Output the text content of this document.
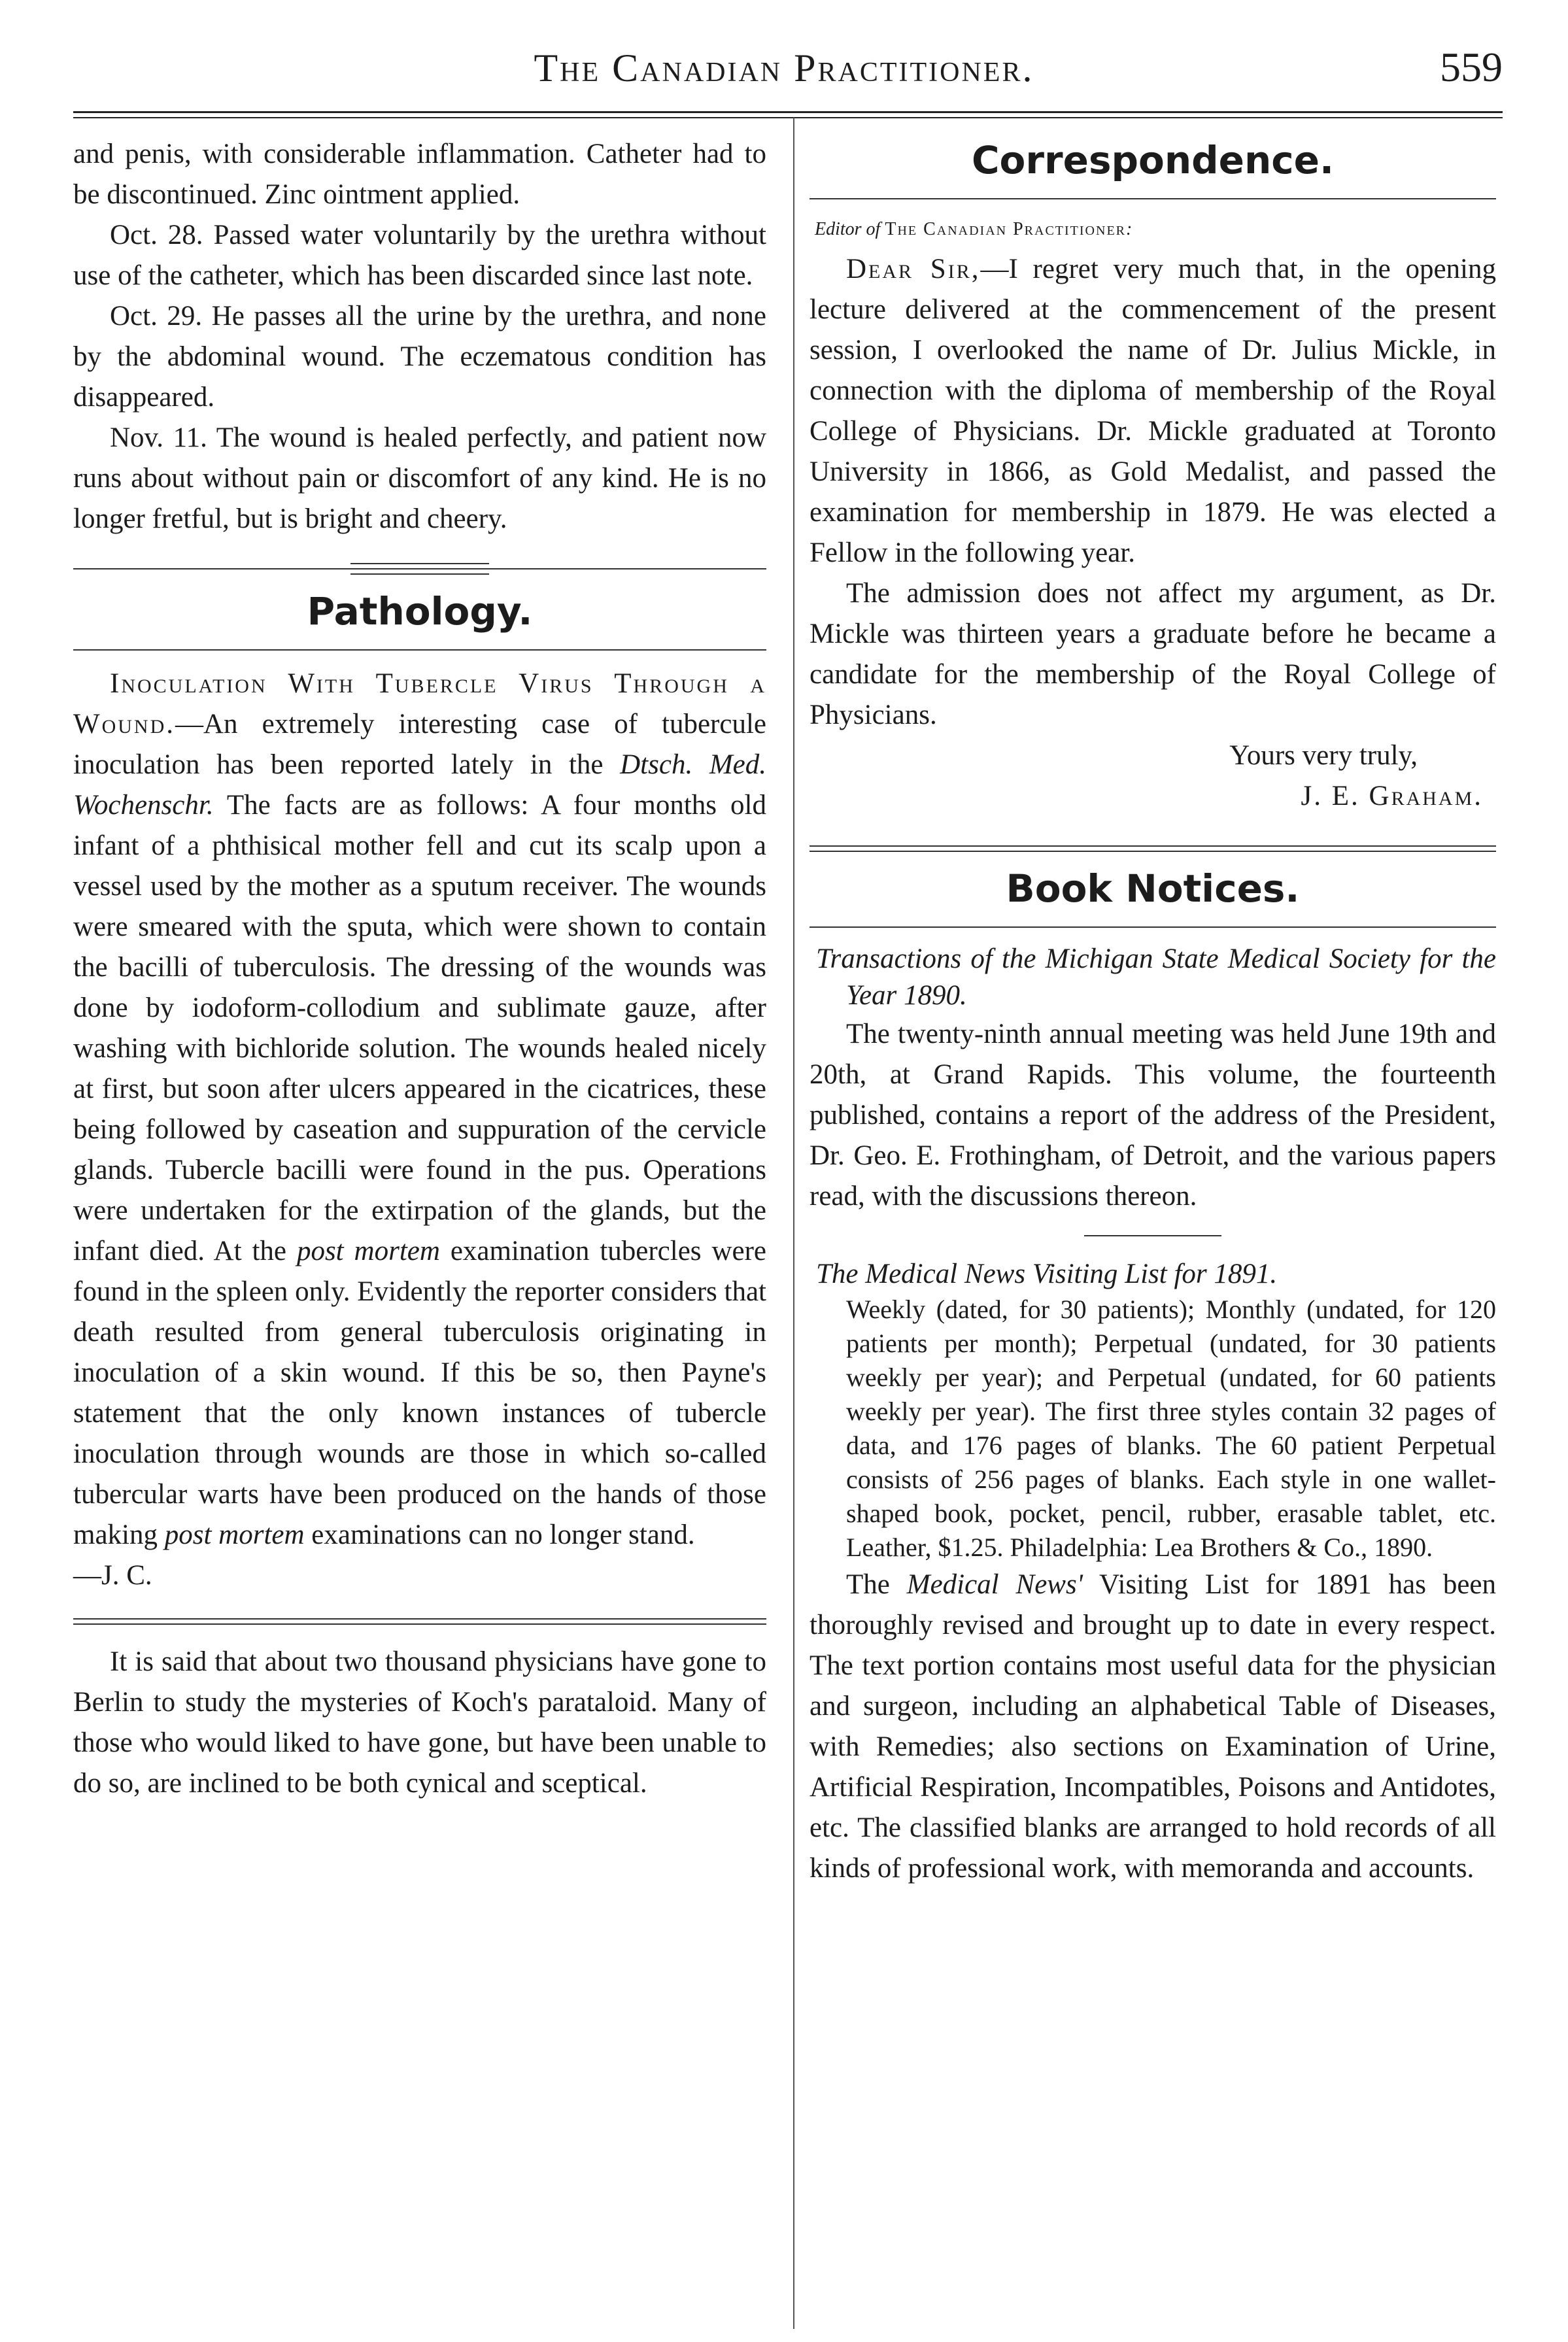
The Canadian Practitioner.	559

and penis, with considerable inflammation. Catheter had to be discontinued. Zinc ointment applied.

Oct. 28. Passed water voluntarily by the urethra without use of the catheter, which has been discarded since last note.

Oct. 29. He passes all the urine by the urethra, and none by the abdominal wound. The eczematous condition has disappeared.

Nov. 11. The wound is healed perfectly, and patient now runs about without pain or discomfort of any kind. He is no longer fretful, but is bright and cheery.

Pathology.

Inoculation With Tubercle Virus Through a Wound.—An extremely interesting case of tubercule inoculation has been reported lately in the Dtsch. Med. Wochenschr. The facts are as follows: A four months old infant of a phthisical mother fell and cut its scalp upon a vessel used by the mother as a sputum receiver. The wounds were smeared with the sputa, which were shown to contain the bacilli of tuberculosis. The dressing of the wounds was done by iodoform-collodium and sublimate gauze, after washing with bichloride solution. The wounds healed nicely at first, but soon after ulcers appeared in the cicatrices, these being followed by caseation and suppuration of the cervicle glands. Tubercle bacilli were found in the pus. Operations were undertaken for the extirpation of the glands, but the infant died. At the post mortem examination tubercles were found in the spleen only. Evidently the reporter considers that death resulted from general tuberculosis originating in inoculation of a skin wound. If this be so, then Payne's statement that the only known instances of tubercle inoculation through wounds are those in which so-called tubercular warts have been produced on the hands of those making post mortem examinations can no longer stand.

—J. C.

It is said that about two thousand physicians have gone to Berlin to study the mysteries of Koch's parataloid. Many of those who would liked to have gone, but have been unable to do so, are inclined to be both cynical and sceptical.

Correspondence.
Editor of The Canadian Practitioner:

Dear Sir,—I regret very much that, in the opening lecture delivered at the commencement of the present session, I overlooked the name of Dr. Julius Mickle, in connection with the diploma of membership of the Royal College of Physicians. Dr. Mickle graduated at Toronto University in 1866, as Gold Medalist, and passed the examination for membership in 1879. He was elected a Fellow in the following year.

The admission does not affect my argument, as Dr. Mickle was thirteen years a graduate before he became a candidate for the membership of the Royal College of Physicians.

Yours very truly,
J. E. Graham.
Book Notices.

Transactions of the Michigan State Medical Society for the Year 1890.

The twenty-ninth annual meeting was held June 19th and 20th, at Grand Rapids. This volume, the fourteenth published, contains a report of the address of the President, Dr. Geo. E. Frothingham, of Detroit, and the various papers read, with the discussions thereon.

The Medical News Visiting List for 1891.

Weekly (dated, for 30 patients); Monthly (undated, for 120 patients per month); Perpetual (undated, for 30 patients weekly per year); and Perpetual (undated, for 60 patients weekly per year). The first three styles contain 32 pages of data, and 176 pages of blanks. The 60 patient Perpetual consists of 256 pages of blanks. Each style in one wallet-shaped book, pocket, pencil, rubber, erasable tablet, etc. Leather, $1.25. Philadelphia: Lea Brothers & Co., 1890.

The Medical News' Visiting List for 1891 has been thoroughly revised and brought up to date in every respect. The text portion contains most useful data for the physician and surgeon, including an alphabetical Table of Diseases, with Remedies; also sections on Examination of Urine, Artificial Respiration, Incompatibles, Poisons and Antidotes, etc. The classified blanks are arranged to hold records of all kinds of professional work, with memoranda and accounts.
